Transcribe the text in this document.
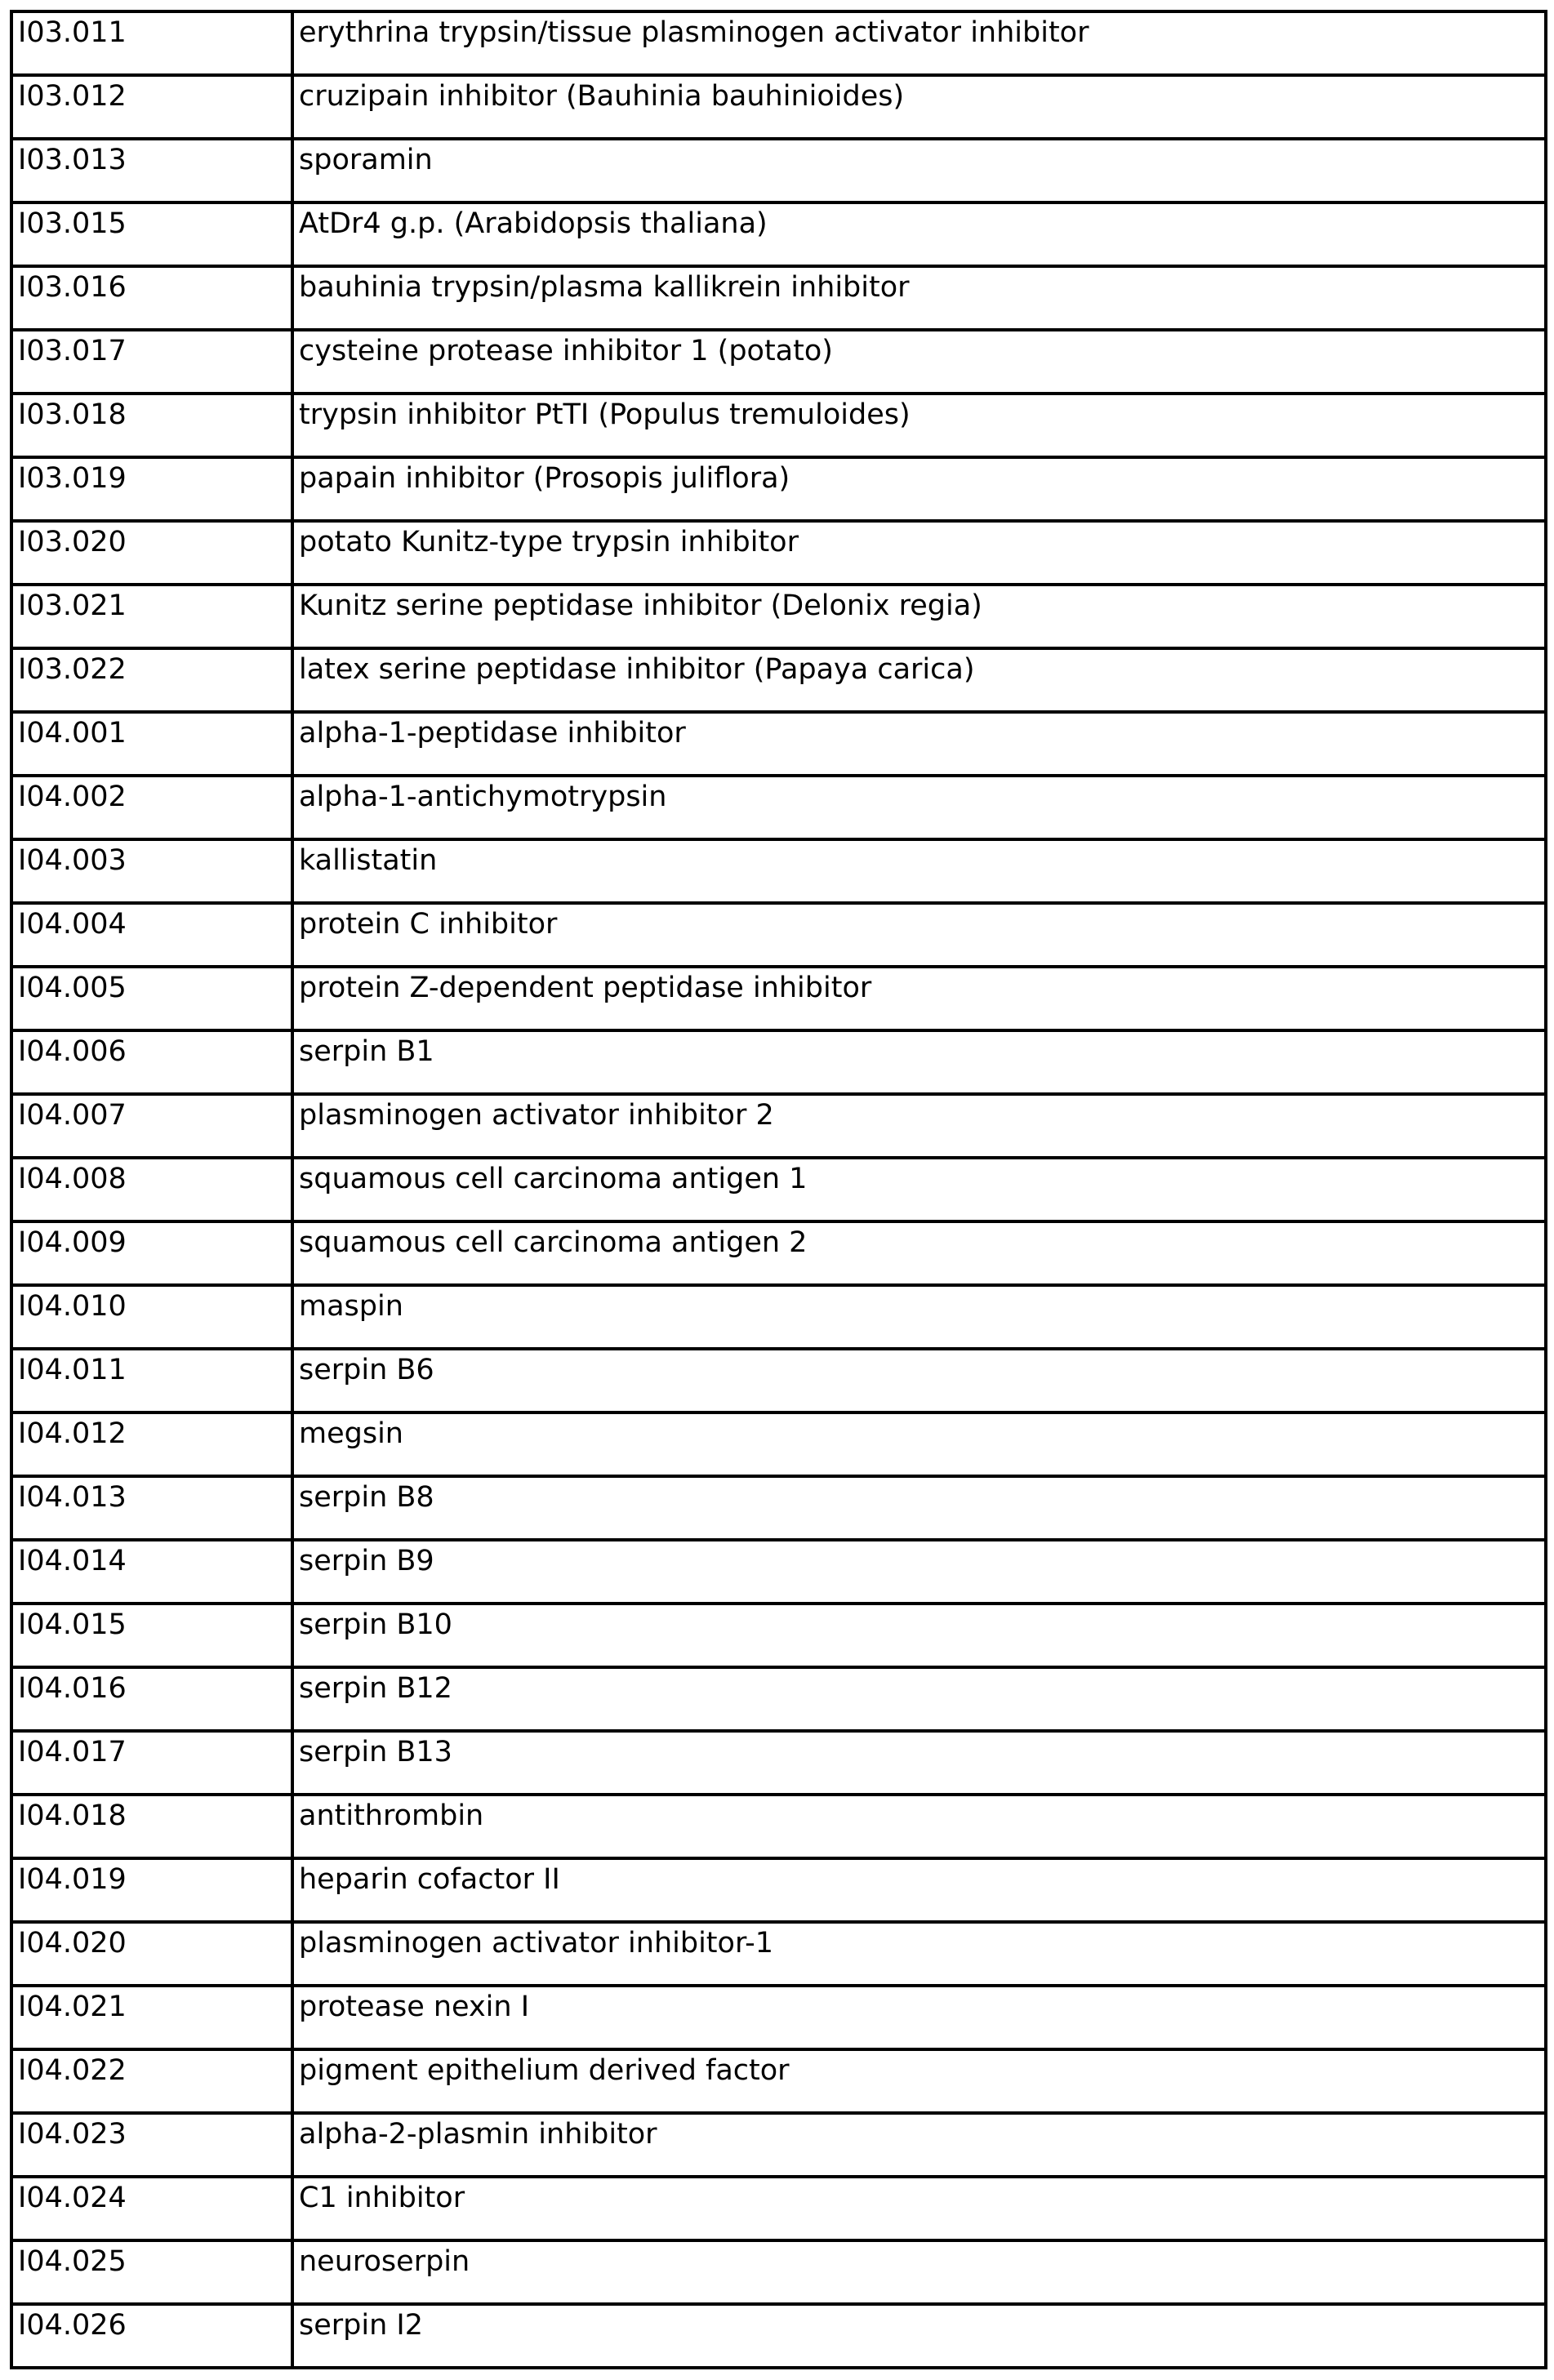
I03.011	erythrina trypsin/tissue plasminogen activator inhibitor
I03.012	cruzipain inhibitor (Bauhinia bauhinioides)
I03.013	sporamin
I03.015	AtDr4 g.p. (Arabidopsis thaliana)
I03.016	bauhinia trypsin/plasma kallikrein inhibitor
I03.017	cysteine protease inhibitor 1 (potato)
I03.018	trypsin inhibitor PtTI (Populus tremuloides)
I03.019	papain inhibitor (Prosopis juliflora)
I03.020	potato Kunitz-type trypsin inhibitor
I03.021	Kunitz serine peptidase inhibitor (Delonix regia)
I03.022	latex serine peptidase inhibitor (Papaya carica)
I04.001	alpha-1-peptidase inhibitor
I04.002	alpha-1-antichymotrypsin
I04.003	kallistatin
I04.004	protein C inhibitor
I04.005	protein Z-dependent peptidase inhibitor
I04.006	serpin B1
I04.007	plasminogen activator inhibitor 2
I04.008	squamous cell carcinoma antigen 1
I04.009	squamous cell carcinoma antigen 2
I04.010	maspin
I04.011	serpin B6
I04.012	megsin
I04.013	serpin B8
I04.014	serpin B9
I04.015	serpin B10
I04.016	serpin B12
I04.017	serpin B13
I04.018	antithrombin
I04.019	heparin cofactor II
I04.020	plasminogen activator inhibitor-1
I04.021	protease nexin I
I04.022	pigment epithelium derived factor
I04.023	alpha-2-plasmin inhibitor
I04.024	C1 inhibitor
I04.025	neuroserpin
I04.026	serpin I2
